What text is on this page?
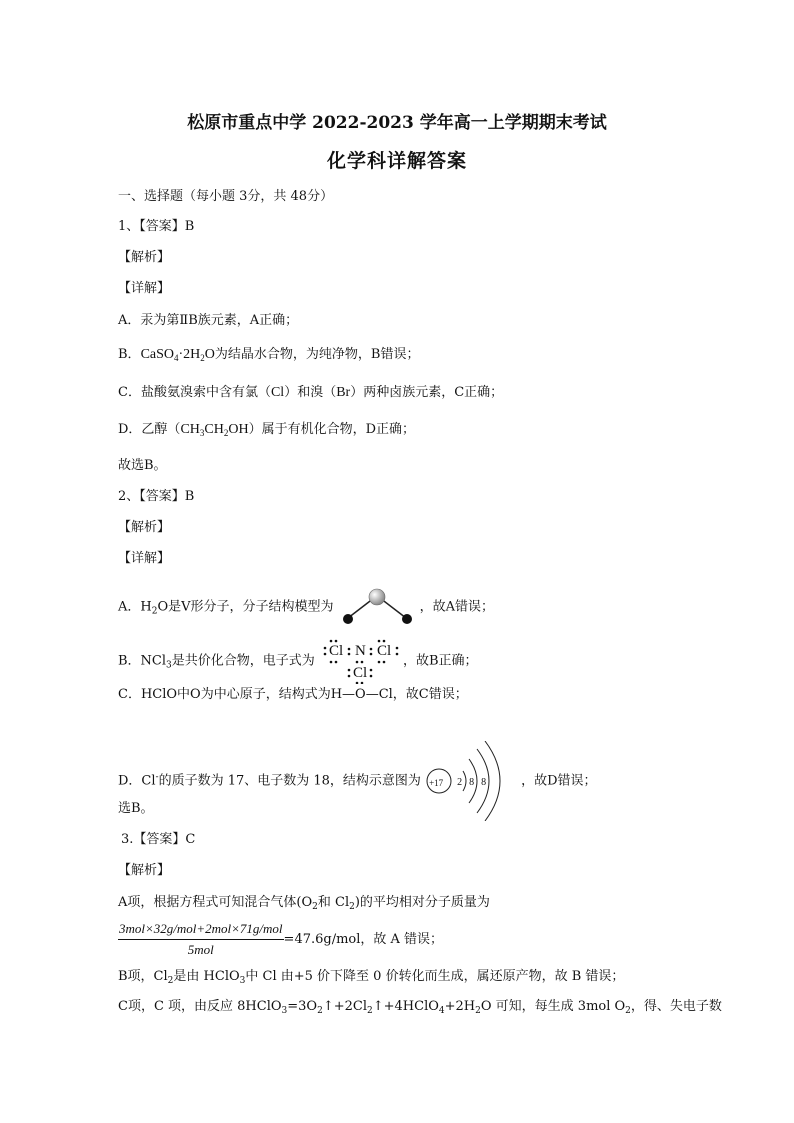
松原市重点中学 2022-2023 学年高一上学期期末考试
化学科详解答案
一、选择题（每小题 3分，共 48分）
1、【答案】B
【解析】
【详解】
A．汞为第ⅡB族元素，A正确；
B．$CaSO_4\cdot 2H_2O$为结晶水合物，为纯净物，B错误；
C．盐酸氨溴索中含有氯（Cl）和溴（Br）两种卤族元素，C正确；
D．乙醇$(CH_3CH_2OH)$属于有机化合物，D正确；
故选B。
2、【答案】B
【解析】
【详解】
A．$H_2O$是V形分子，分子结构模型为	，故A错误；
B．NCl$_3$是共价化合物，电子式为
Cl N Cl
Cl
，故B正确；
C．HClO中O为中心原子，结构式为H—O—Cl，故C错误；
D．Cl-的质子数为 17、电子数为 18，结构示意图为 +17 2 8 8	，故D错误；
选B。
3.【答案】C
【解析】
A项，根据方程式可知混合气体($O_2$和 $Cl_2$)的平均相对分子质量为
$\frac{\text{3mol×32g/mol+2mol×71g/mol}}{\text{5mol}} =47.6g/mol$，故 A 错误；
B项，$Cl_2$是由 HClO$_3$中 Cl 由+5 价下降至 0 价转化而生成，属还原产物，故 B 错误；
C项，C 项，由反应 $8HClO_3=3O_2↑+2Cl_2↑+4HClO_4+2H_2O$ 可知，每生成 3mol $O_2$，得、失电子数
